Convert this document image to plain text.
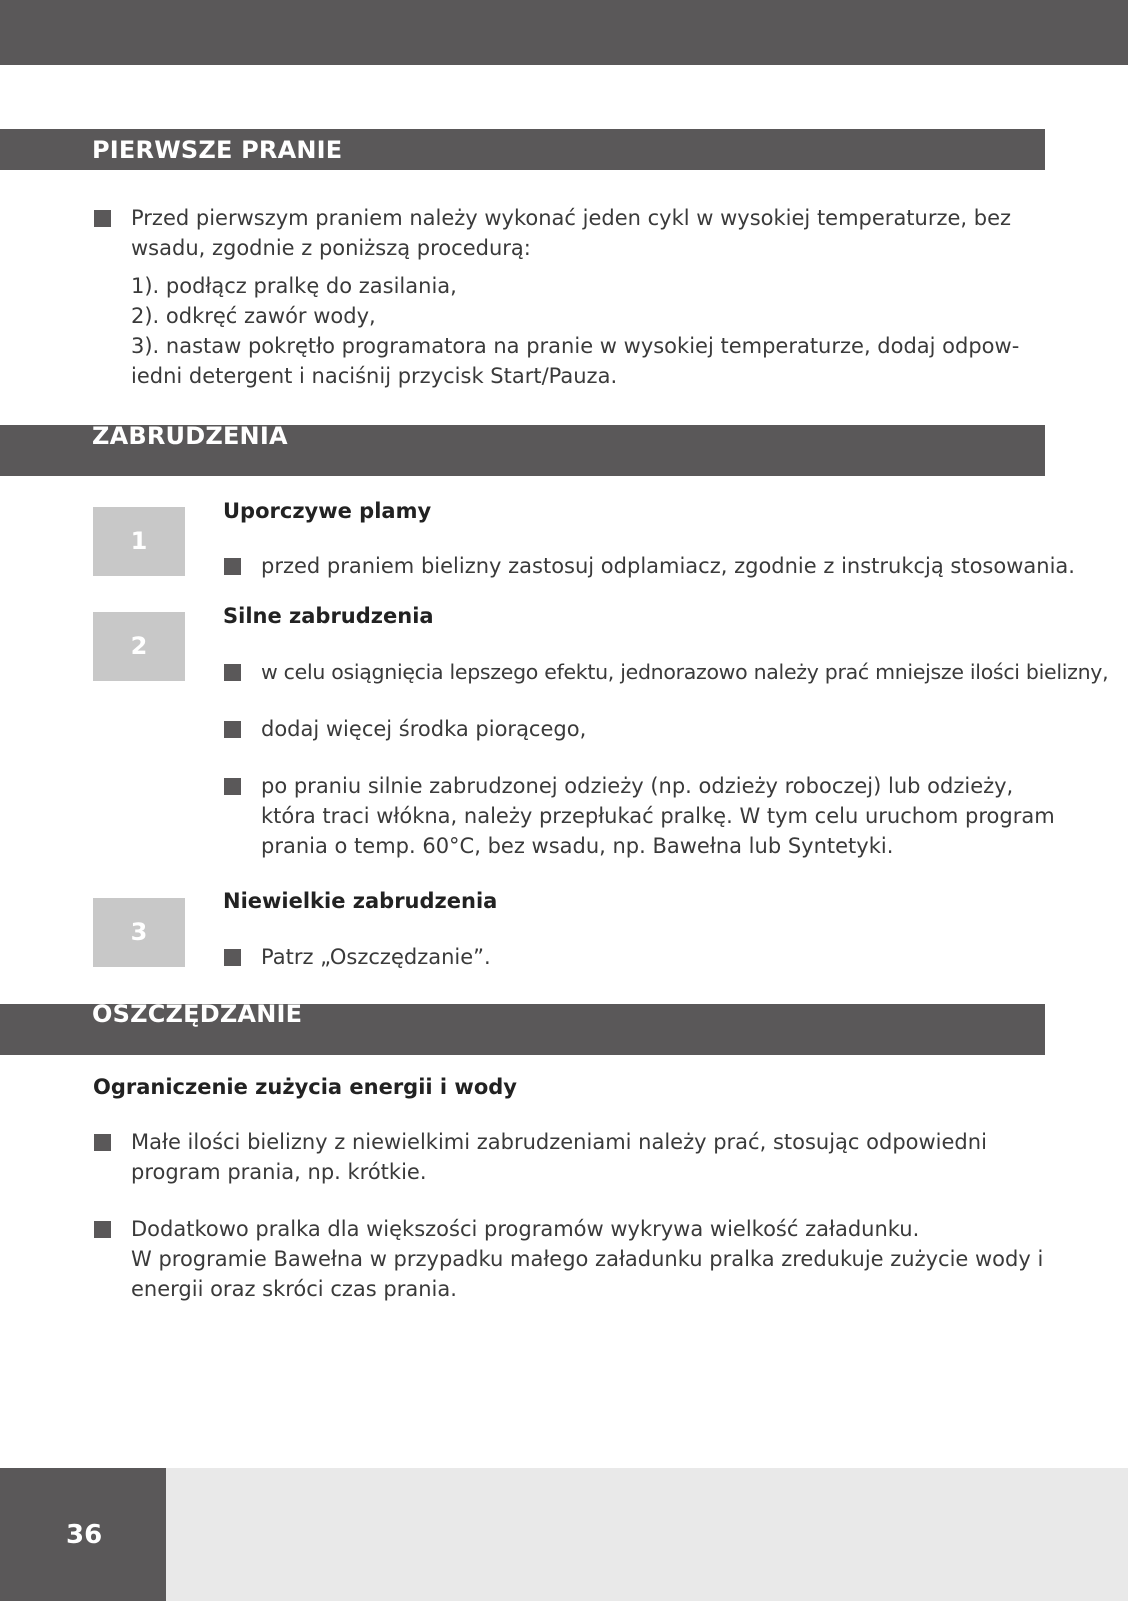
PIERWSZE PRANIE
Przed pierwszym praniem należy wykonać jeden cykl w wysokiej temperaturze, bez
wsadu, zgodnie z poniższą procedurą:
1). podłącz pralkę do zasilania,
2). odkręć zawór wody,
3). nastaw pokrętło programatora na pranie w wysokiej temperaturze, dodaj odpow-
iedni detergent i naciśnij przycisk Start/Pauza.
ZABRUDZENIA
1
Uporczywe plamy
przed praniem bielizny zastosuj odplamiacz, zgodnie z instrukcją stosowania.
2
Silne zabrudzenia
w celu osiągnięcia lepszego efektu, jednorazowo należy prać mniejsze ilości bielizny,
dodaj więcej środka piorącego,
po praniu silnie zabrudzonej odzieży (np. odzieży roboczej) lub odzieży,
która traci włókna, należy przepłukać pralkę. W tym celu uruchom program
prania o temp. 60°C, bez wsadu, np. Bawełna lub Syntetyki.
3
Niewielkie zabrudzenia
Patrz „Oszczędzanie”.
OSZCZĘDZANIE
Ograniczenie zużycia energii i wody
Małe ilości bielizny z niewielkimi zabrudzeniami należy prać, stosując odpowiedni
program prania, np. krótkie.
Dodatkowo pralka dla większości programów wykrywa wielkość załadunku.
W programie Bawełna w przypadku małego załadunku pralka zredukuje zużycie wody i
energii oraz skróci czas prania.
36
